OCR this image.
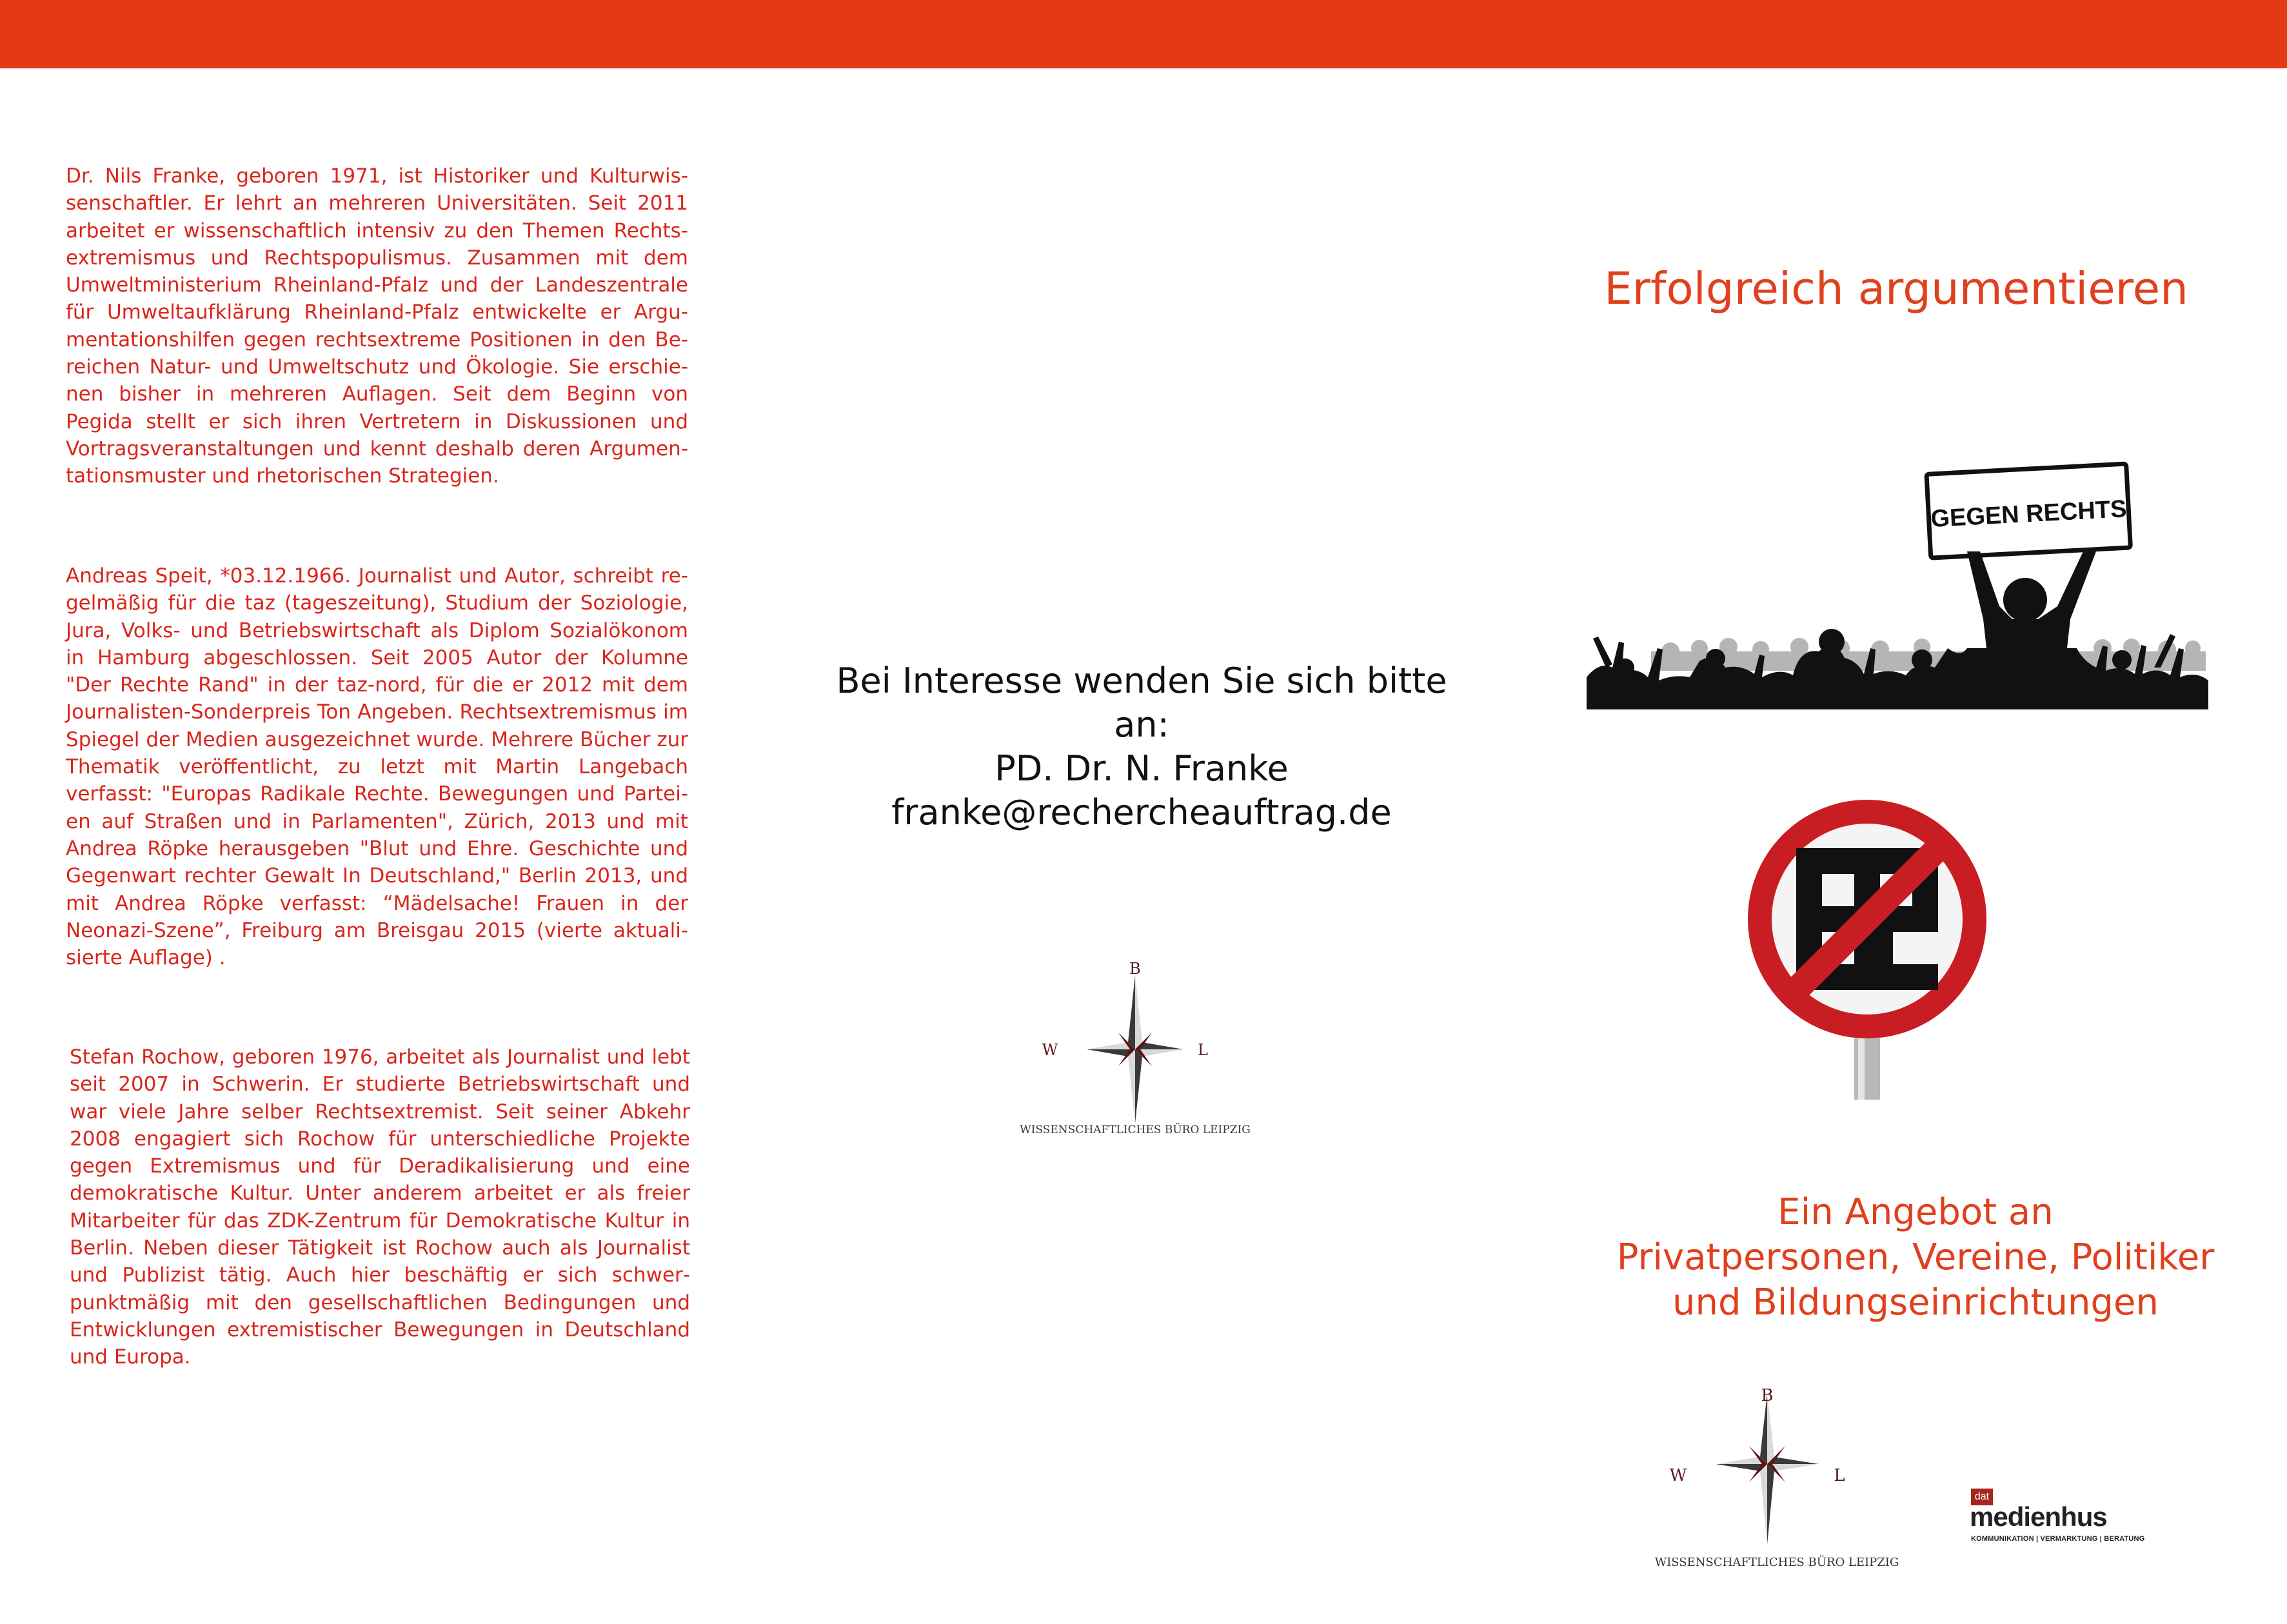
Dr. Nils Franke, geboren 1971, ist Historiker und Kulturwissenschaftler. Er lehrt an mehreren Universitäten. Seit 2011 arbeitet er wissenschaftlich intensiv zu den Themen Rechtsextremismus und Rechtspopulismus. Zusammen mit dem Umweltministerium Rheinland-Pfalz und der Landeszentrale für Umweltaufklärung Rheinland-Pfalz entwickelte er Argumentationshilfen gegen rechtsextreme Positionen in den Bereichen Natur- und Umweltschutz und Ökologie. Sie erschienen bisher in mehreren Auflagen. Seit dem Beginn von Pegida stellt er sich ihren Vertretern in Diskussionen und Vortragsveranstaltungen und kennt deshalb deren Argumentationsmuster und rhetorischen Strategien.
Andreas Speit, *03.12.1966. Journalist und Autor, schreibt regelmäßig für die taz (tageszeitung), Studium der Soziologie, Jura, Volks- und Betriebswirtschaft als Diplom Sozialökonom in Hamburg abgeschlossen. Seit 2005 Autor der Kolumne "Der Rechte Rand" in der taz-nord, für die er 2012 mit dem Journalisten-Sonderpreis Ton Angeben. Rechtsextremismus im Spiegel der Medien ausgezeichnet wurde. Mehrere Bücher zur Thematik veröffentlicht, zu letzt mit Martin Langebach verfasst: "Europas Radikale Rechte. Bewegungen und Parteien auf Straßen und in Parlamenten", Zürich, 2013 und mit Andrea Röpke herausgeben "Blut und Ehre. Geschichte und Gegenwart rechter Gewalt In Deutschland," Berlin 2013, und mit Andrea Röpke verfasst: “Mädelsache! Frauen in der Neonazi-Szene”, Freiburg am Breisgau 2015 (vierte aktualisierte Auflage) .
Stefan Rochow, geboren 1976, arbeitet als Journalist und lebt seit 2007 in Schwerin. Er studierte Betriebswirtschaft und war viele Jahre selber Rechtsextremist. Seit seiner Abkehr 2008 engagiert sich Rochow für unterschiedliche Projekte gegen Extremismus und für Deradikalisierung und eine demokratische Kultur. Unter anderem arbeitet er als freier Mitarbeiter für das ZDK-Zentrum für Demokratische Kultur in Berlin. Neben dieser Tätigkeit ist Rochow auch als Journalist und Publizist tätig. Auch hier beschäftig er sich schwerpunktmäßig mit den gesellschaftlichen Bedingungen und Entwicklungen extremistischer Bewegungen in Deutschland und Europa.
Bei Interesse wenden Sie sich bitte
an:
PD. Dr. N. Franke
franke@rechercheauftrag.de
B
W	L
WISSENSCHAFTLICHES BÜRO LEIPZIG
Erfolgreich argumentieren
GEGEN RECHTS
Ein Angebot an
Privatpersonen, Vereine, Politiker
und Bildungseinrichtungen
B
W	L
WISSENSCHAFTLICHES BÜRO LEIPZIG
dat
medienhus
KOMMUNIKATION | VERMARKTUNG | BERATUNG
